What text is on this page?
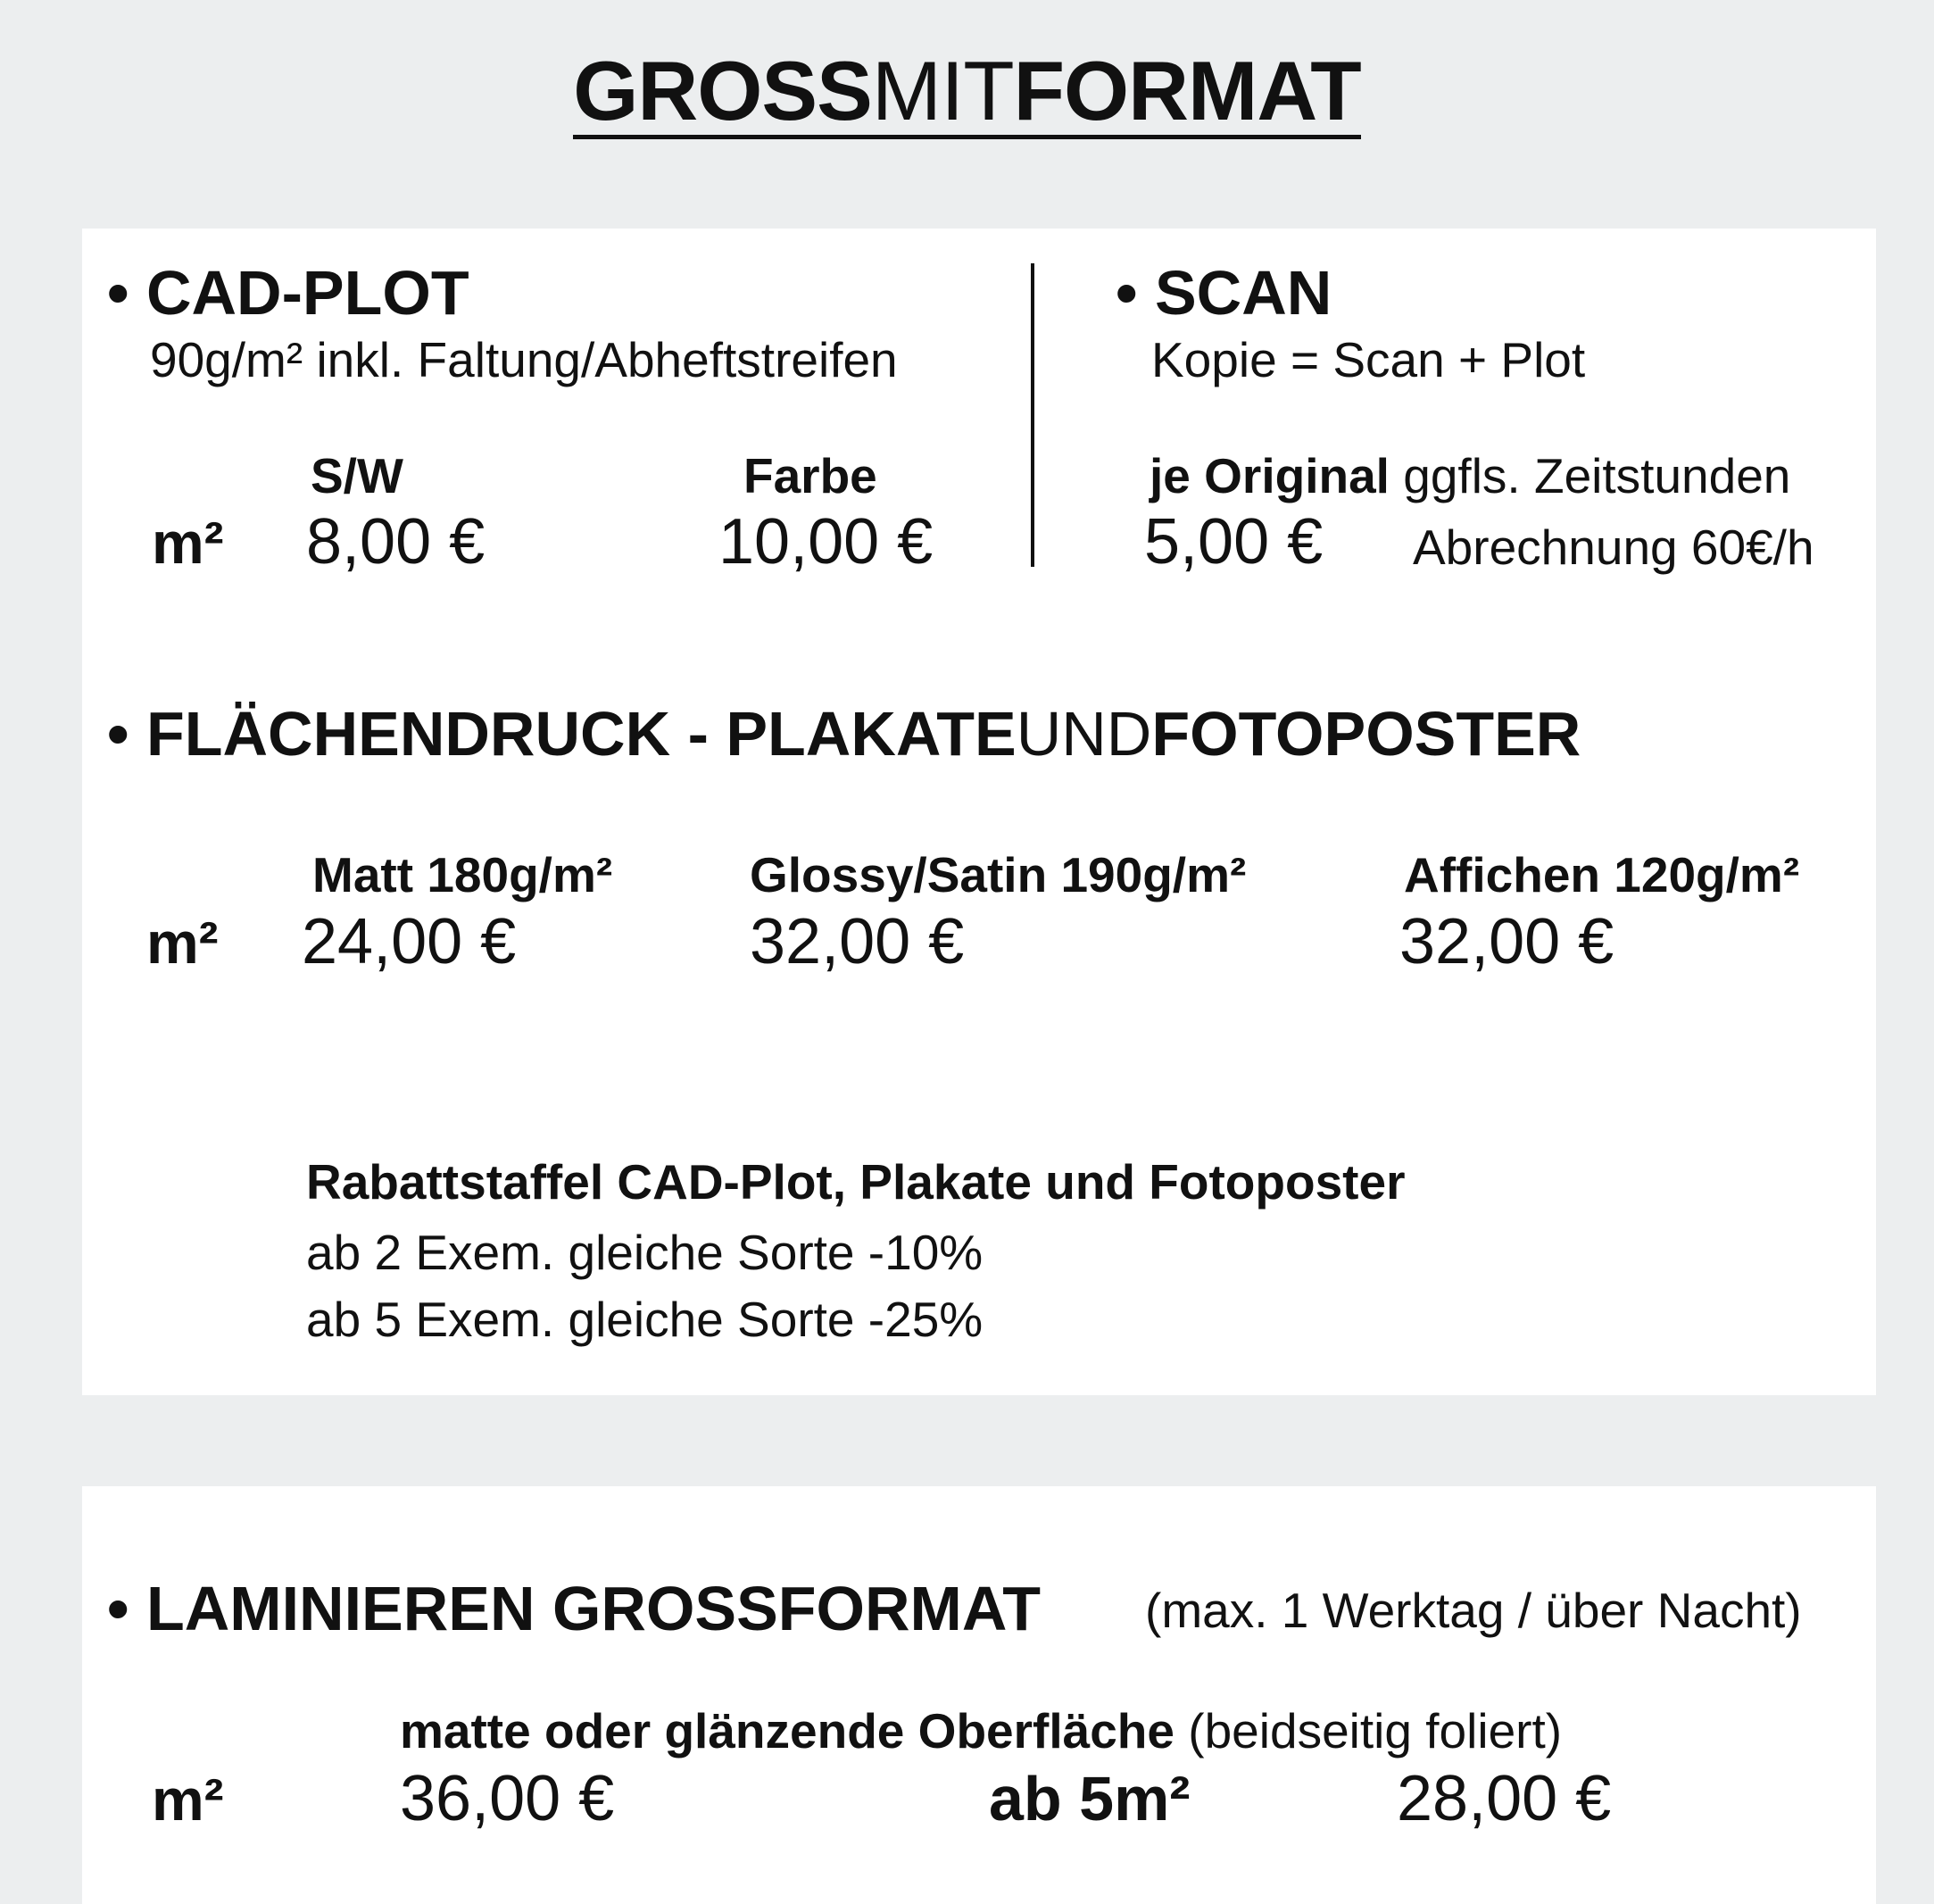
GROSSMITFORMAT
• CAD-PLOT
90g/m² inkl. Faltung/Abheftstreifen
S/W	Farbe
m² 8,00 €	10,00 €
• SCAN
Kopie = Scan + Plot
je Original ggfls. Zeitstunden
5,00 € Abrechnung 60€/h
• FLÄCHENDRUCK - PLAKATEUNDFOTOPOSTER
Matt 180g/m²	Glossy/Satin 190g/m²	Affichen 120g/m²
m² 24,00 €	32,00 €	32,00 €
Rabattstaffel CAD-Plot, Plakate und Fotoposter
ab 2 Exem. gleiche Sorte -10%
ab 5 Exem. gleiche Sorte -25%
• LAMINIEREN GROSSFORMAT (max. 1 Werktag / über Nacht)
matte oder glänzende Oberfläche (beidseitig foliert)
m²	36,00 €	ab 5m²	28,00 €
